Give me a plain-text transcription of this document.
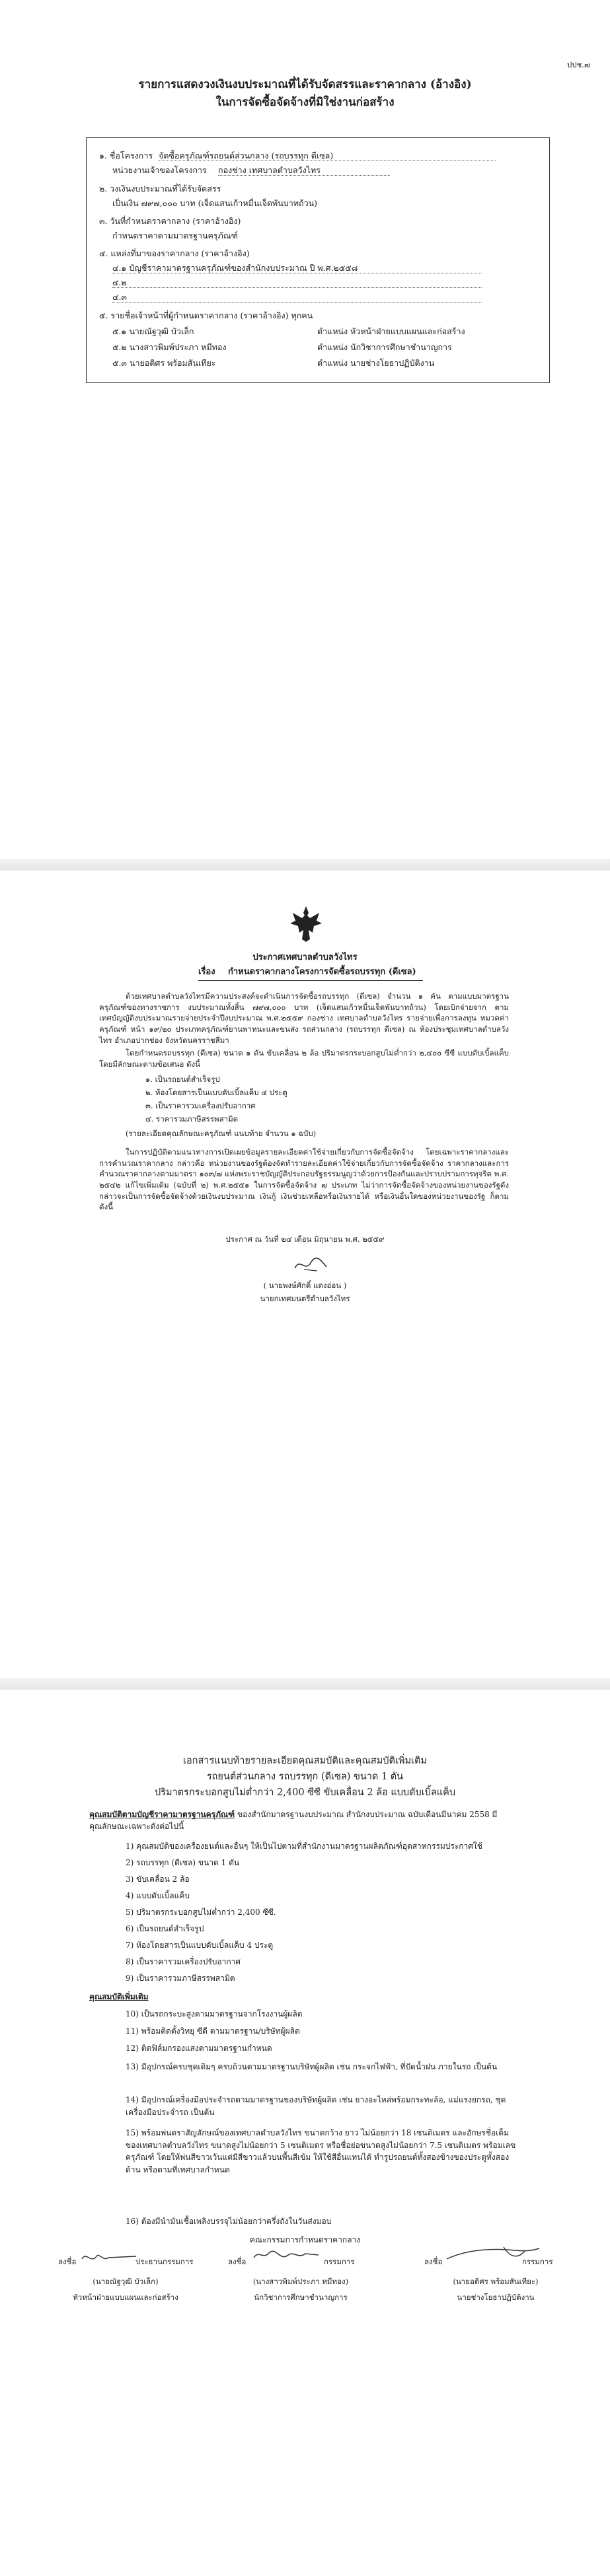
ปปช.๗
รายการแสดงวงเงินงบประมาณที่ได้รับจัดสรรและราคากลาง (อ้างอิง)
ในการจัดซื้อจัดจ้างที่มิใช่งานก่อสร้าง
๑. ชื่อโครงการ จัดซื้อครุภัณฑ์รถยนต์ส่วนกลาง (รถบรรทุก ดีเซล)
หน่วยงานเจ้าของโครงการ กองช่าง เทศบาลตำบลวังไทร
๒. วงเงินงบประมาณที่ได้รับจัดสรร
เป็นเงิน ๗๙๗,๐๐๐ บาท (เจ็ดแสนเก้าหมื่นเจ็ดพันบาทถ้วน)
๓. วันที่กำหนดราคากลาง (ราคาอ้างอิง)
กำหนดราคาตามมาตรฐานครุภัณฑ์
๔. แหล่งที่มาของราคากลาง (ราคาอ้างอิง)
๔.๑ บัญชีราคามาตรฐานครุภัณฑ์ของสำนักงบประมาณ ปี พ.ศ.๒๕๕๘
๔.๒
๔.๓
๕. รายชื่อเจ้าหน้าที่ผู้กำหนดราคากลาง (ราคาอ้างอิง) ทุกคน
๕.๑ นายณัฐวุฒิ บัวเล็ก	ตำแหน่ง หัวหน้าฝ่ายแบบแผนและก่อสร้าง
๕.๒ นางสาวพิมพ์ประภา หมีทอง	ตำแหน่ง นักวิชาการศึกษาชำนาญการ
๕.๓ นายอดิศร พร้อมสันเทียะ	ตำแหน่ง นายช่างโยธาปฏิบัติงาน
ประกาศเทศบาลตำบลวังไทร
เรื่อง กำหนดราคากลางโครงการจัดซื้อรถบรรทุก (ดีเซล)
ด้วยเทศบาลตำบลวังไทรมีความประสงค์จะดำเนินการจัดซื้อรถบรรทุก (ดีเซล) จำนวน ๑ คัน ตามแบบมาตรฐานครุภัณฑ์ของทางราชการ งบประมาณทั้งสิ้น ๗๙๗,๐๐๐ บาท (เจ็ดแสนเก้าหมื่นเจ็ดพันบาทถ้วน) โดยเบิกจ่ายจาก ตามเทศบัญญัติงบประมาณรายจ่ายประจำปีงบประมาณ พ.ศ.๒๕๕๙ กองช่าง เทศบาลตำบลวังไทร รายจ่ายเพื่อการลงทุน หมวดค่าครุภัณฑ์ หน้า ๑๙/๒๐ ประเภทครุภัณฑ์ยานพาหนะและขนส่ง รถส่วนกลาง (รถบรรทุก ดีเซล) ณ ห้องประชุมเทศบาลตำบลวังไทร อำเภอปากช่อง จังหวัดนครราชสีมา
โดยกำหนดรถบรรทุก (ดีเซล) ขนาด ๑ ตัน ขับเคลื่อน ๒ ล้อ ปริมาตรกระบอกสูบไม่ต่ำกว่า ๒,๔๐๐ ซีซี แบบดับเบิ้ลแค็บ โดยมีลักษณะตามข้อเสนอ ดังนี้
๑. เป็นรถยนต์สำเร็จรูป
๒. ห้องโดยสารเป็นแบบดับเบิ้ลแค็บ ๔ ประตู
๓. เป็นราคารวมเครื่องปรับอากาศ
๔. ราคารวมภาษีสรรพสามิต
(รายละเอียดคุณลักษณะครุภัณฑ์ แนบท้าย จำนวน ๑ ฉบับ)
ในการปฏิบัติตามแนวทางการเปิดเผยข้อมูลรายละเอียดค่าใช้จ่ายเกี่ยวกับการจัดซื้อจัดจ้าง โดยเฉพาะราคากลางและการคำนวณราคากลาง กล่าวคือ หน่วยงานของรัฐต้องจัดทำรายละเอียดค่าใช้จ่ายเกี่ยวกับการจัดซื้อจัดจ้าง ราคากลางและการคำนวณราคากลางตามมาตรา ๑๐๓/๗ แห่งพระราชบัญญัติประกอบรัฐธรรมนูญว่าด้วยการป้องกันและปราบปรามการทุจริต พ.ศ. ๒๕๔๒ แก้ไขเพิ่มเติม (ฉบับที่ ๒) พ.ศ.๒๕๕๑ ในการจัดซื้อจัดจ้าง ๗ ประเภท ไม่ว่าการจัดซื้อจัดจ้างของหน่วยงานของรัฐดังกล่าวจะเป็นการจัดซื้อจัดจ้างด้วยเงินงบประมาณ เงินกู้ เงินช่วยเหลือหรือเงินรายได้ หรือเงินอื่นใดของหน่วยงานของรัฐ ก็ตาม ดังนี้
ประกาศ ณ วันที่ ๒๔ เดือน มิถุนายน พ.ศ. ๒๕๕๙
( นายพงษ์ศักดิ์ แดงอ่อน )
นายกเทศมนตรีตำบลวังไทร
เอกสารแนบท้ายรายละเอียดคุณสมบัติและคุณสมบัติเพิ่มเติม
รถยนต์ส่วนกลาง รถบรรทุก (ดีเซล) ขนาด 1 ตัน
ปริมาตรกระบอกสูบไม่ต่ำกว่า 2,400 ซีซี ขับเคลื่อน 2 ล้อ แบบดับเบิ้ลแค็บ
คุณสมบัติตามบัญชีราคามาตรฐานครุภัณฑ์ ของสำนักมาตรฐานงบประมาณ สำนักงบประมาณ ฉบับเดือนมีนาคม 2558 มีคุณลักษณะเฉพาะดังต่อไปนี้
1) คุณสมบัติของเครื่องยนต์และอื่นๆ ให้เป็นไปตามที่สำนักงานมาตรฐานผลิตภัณฑ์อุตสาหกรรมประกาศใช้
2) รถบรรทุก (ดีเซล) ขนาด 1 ตัน
3) ขับเคลื่อน 2 ล้อ
4) แบบดับเบิ้ลแค็บ
5) ปริมาตรกระบอกสูบไม่ต่ำกว่า 2,400 ซีซี.
6) เป็นรถยนต์สำเร็จรูป
7) ห้องโดยสารเป็นแบบดับเบิ้ลแค็บ 4 ประตู
8) เป็นราคารวมเครื่องปรับอากาศ
9) เป็นราคารวมภาษีสรรพสามิต
คุณสมบัติเพิ่มเติม
10) เป็นรถกระบะสูงตามมาตรฐานจากโรงงานผู้ผลิต
11) พร้อมติดตั้งวิทยุ ซีดี ตามมาตรฐาน/บริษัทผู้ผลิต
12) ติดฟิล์มกรองแสงตามมาตรฐานกำหนด
13) มีอุปกรณ์ครบชุดเดิมๆ ครบถ้วนตามมาตรฐานบริษัทผู้ผลิต เช่น กระจกไฟฟ้า, ที่ปัดน้ำฝน ภายในรถ เป็นต้น
14) มีอุปกรณ์เครื่องมือประจำรถตามมาตรฐานของบริษัทผู้ผลิต เช่น ยางอะไหล่พร้อมกระทะล้อ, แม่แรงยกรถ, ชุดเครื่องมือประจำรถ เป็นต้น
15) พร้อมพ่นตราสัญลักษณ์ของเทศบาลตำบลวังไทร ขนาดกว้าง ยาว ไม่น้อยกว่า 18 เซนติเมตร และอักษรชื่อเต็มของเทศบาลตำบลวังไทร ขนาดสูงไม่น้อยกว่า 5 เซนติเมตร หรือชื่อย่อขนาดสูงไม่น้อยกว่า 7.5 เซนติเมตร พร้อมเลขครุภัณฑ์ โดยให้พ่นสีขาวเว้นแต่มีสีขาวแล้วบนพื้นสีเข้ม ให้ใช้สีอื่นแทนได้ ทำรูปรถยนต์ทั้งสองข้างของประตูทั้งสองด้าน หรือตามที่เทศบาลกำหนด
16) ต้องมีนำมันเชื้อเพลิงบรรจุไม่น้อยกว่าครึ่งถังในวันส่งมอบ
คณะกรรมการกำหนดราคากลาง
ลงชื่อ	ประธานกรรมการ
(นายณัฐวุฒิ บัวเล็ก)
หัวหน้าฝ่ายแบบแผนและก่อสร้าง
ลงชื่อ	กรรมการ
(นางสาวพิมพ์ประภา หมีทอง)
นักวิชาการศึกษาชำนาญการ
ลงชื่อ	กรรมการ
(นายอดิศร พร้อมสันเทียะ)
นายช่างโยธาปฏิบัติงาน
